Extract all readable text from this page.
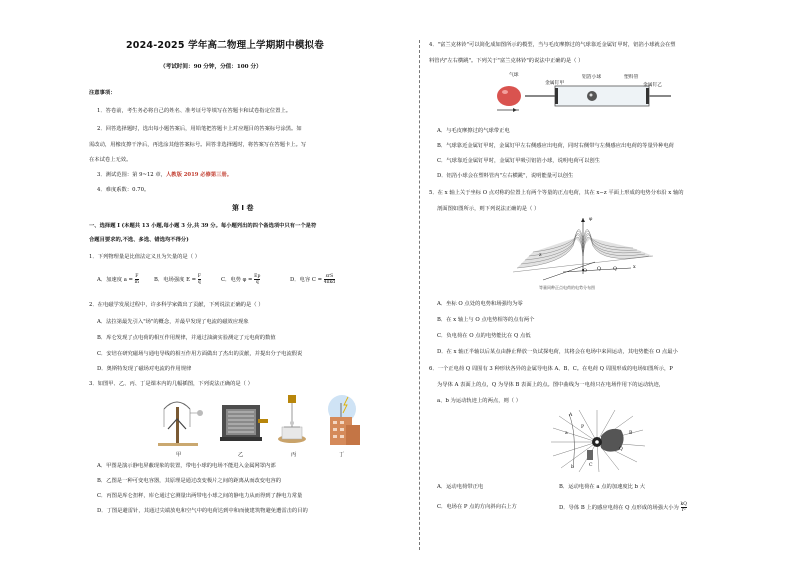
2024-2025 学年高二物理上学期期中模拟卷
（考试时间：90 分钟，分值：100 分）
注意事项：
1．答卷前，考生务必将自己的姓名、准考证号等填写在答题卡和试卷指定位置上。
2．回答选择题时，选出每小题答案后，用铅笔把答题卡上对应题目的答案标号涂黑。如
需改动，用橡皮擦干净后，再选涂其他答案标号。回答非选择题时，将答案写在答题卡上。写
在本试卷上无效。
3．测试范围：第 9~12 章，人教版 2019 必修第三册。
4．难度系数：0.70。
第 I 卷
一、选择题 I (本题共 13 小题,每小题 3 分,共 39 分。每小题列出的四个备选项中只有一个是符
合题目要求的,不选、多选、错选均不得分)
1．下列物理量是比值法定义且为矢量的是（ ）
A．加速度 $a = \frac{F}{m}$	B．电场强度 $E = \frac{F}{q}$	C．电势 $\varphi = \frac{Ep}{q}$	D．电容 C =
εrS
4πkd
2．在电磁学发展过程中，许多科学家做出了贡献，下列说法正确的是（ ）
A．法拉第最先引入"场"的概念，并最早发现了电流的磁效应现象
B．库仑发现了点电荷的相互作用规律，并通过油滴实验测定了元电荷的数值
C．安培在研究磁场与通电导线的相互作用方面做出了杰出的贡献，并提出分子电流假说
D．奥斯特发现了磁场对电流的作用规律
3．如图甲、乙、丙、丁是课本内的几幅插图，下列说法正确的是（ ）
甲	乙	丙	丁
A．甲图是演示静电屏蔽现象的装置，带电小球的电场不能进入金属网罩内部
B．乙图是一种可变电容器，其原理是通过改变极片之间的距离从而改变电容的
C．丙图是库仑扭秤，库仑通过它测量出两带电小球之间的静电力从而得到了静电力常量
D．丁图是避雷针，其通过尖端放电和空气中的电荷达到中和而使建筑物避免遭雷击的目的
4．"富兰克林铃"可以简化成如图所示的模型，当与毛皮摩擦过的气球靠近金属钉甲时，铝箔小球就会在塑
料管内"左右横跳"。下列关于"富兰克林铃"的说法中正确的是（ ）
气球
金属钉甲
铝箔小球	塑料管
金属钉乙
A．与毛皮摩擦过的气球带正电
B．气球靠近金属钉甲时，金属钉甲左右侧感应出电荷，同时右侧带与左侧感应出电荷的等量异种电荷
C．气球靠近金属钉甲时，金属钉甲吸引铝箔小球，说明电荷可以创生
D．铝箔小球会在塑料管内"左右横跳"，说明能量可以创生
5．在 x 轴上关于坐标 O 点对称的位置上有两个等量的正点电荷，其在 x−z 平面上形成的电势分布沿 x 轴的
剖面图如图所示，则下列说法正确的是（ ）
φ
z
x
O Q	Q
等量同种正点电荷的电势分布图
A．坐标 O 点处的电势和场强均为零
B．在 x 轴上与 O 点电势相等的点有两个
C．负电荷在 O 点的电势能比在 Q 点低
D．在 x 轴正半轴以后某点由静止释放一负试探电荷，其将会在电场中来回运动，其电势能在 O 点最小
6．一个正电荷 Q 周围有 3 种形状各异的金属导电体 A、B、C。在电荷 Q 周围形成的电场如图所示，P
为导体 A 表面上的点，Q 为导体 B 表面上的点。图中曲线为一电荷只在电场作用下的运动轨迹，
a、b 为运动轨迹上的两点，则（ ）
A
B
C
a
b
P
Q
A．运动电荷带正电	B．运动电荷在 a 点的加速度比 b 大
C．电场在 P 点的方向斜向右上方	D．导体 B 上的感应电荷在 Q 点形成的场强大小为 $\frac{kQ}{\text{r²}}$
